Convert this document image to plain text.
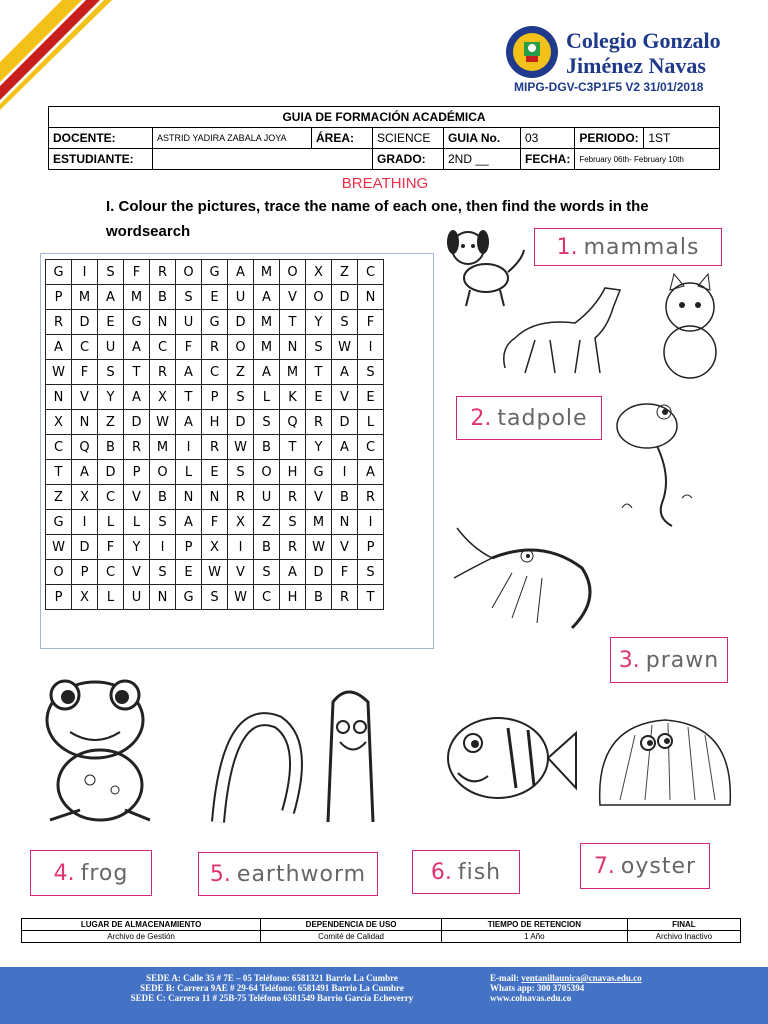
Colegio Gonzalo Jiménez Navas
MIPG-DGV-C3P1F5 V2 31/01/2018
GUIA DE FORMACIÓN ACADÉMICA							
DOCENTE:	ASTRID YADIRA ZABALA JOYA	ÁREA:	SCIENCE	GUIA No.	03	PERIODO:	1ST
ESTUDIANTE:			GRADO:	2ND __	FECHA:	February 06th- February 10th	
BREATHING
I. Colour the pictures, trace the name of each one, then find the words in the wordsearch
G	I	S	F	R	O	G	A	M	O	X	Z	C
P	M	A	M	B	S	E	U	A	V	O	D	N
R	D	E	G	N	U	G	D	M	T	Y	S	F
A	C	U	A	C	F	R	O	M	N	S	W	I
W	F	S	T	R	A	C	Z	A	M	T	A	S
N	V	Y	A	X	T	P	S	L	K	E	V	E
X	N	Z	D	W	A	H	D	S	Q	R	D	L
C	Q	B	R	M	I	R	W	B	T	Y	A	C
T	A	D	P	O	L	E	S	O	H	G	I	A
Z	X	C	V	B	N	N	R	U	R	V	B	R
G	I	L	L	S	A	F	X	Z	S	M	N	I
W	D	F	Y	I	P	X	I	B	R	W	V	P
O	P	C	V	S	E	W	V	S	A	D	F	S
P	X	L	U	N	G	S	W	C	H	B	R	T
1. mammals
2. tadpole
3. prawn
4. frog	5. earthworm	6. fish	7. oyster
LUGAR DE ALMACENAMIENTO	DEPENDENCIA DE USO	TIEMPO DE RETENCION	FINAL
Archivo de Gestión	Comité de Calidad	1 Año	Archivo Inactivo
SEDE A: Calle 35 # 7E – 05 Teléfono: 6581321 Barrio La Cumbre
SEDE B: Carrera 9AE # 29-64 Teléfono: 6581491 Barrio La Cumbre
SEDE C: Carrera 11 # 25B-75 Teléfono 6581549 Barrio García Echeverry
E-mail: ventanillaunica@cnavas.edu.co
Whats app: 300 3705394
www.colnavas.edu.co
